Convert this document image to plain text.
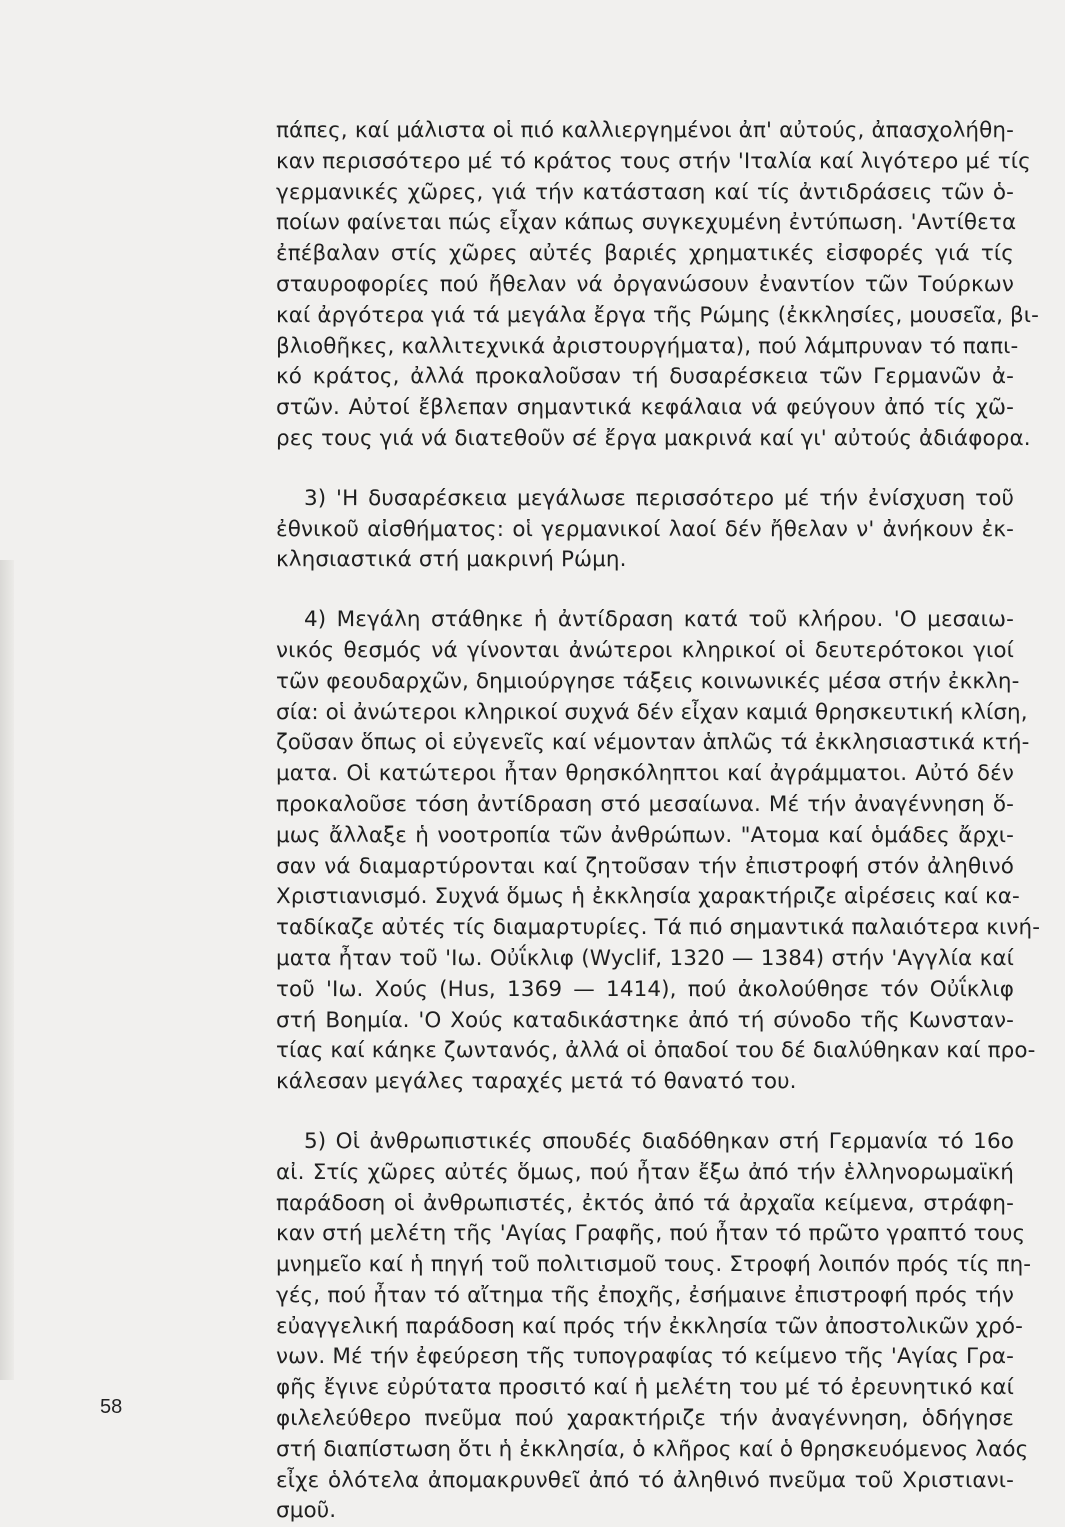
πάπες, καί μάλιστα οἱ πιό καλλιεργημένοι ἀπ' αὐτούς, ἀπασχολήθη-
καν περισσότερο μέ τό κράτος τους στήν 'Ιταλία καί λιγότερο μέ τίς
γερμανικές χῶρες, γιά τήν κατάσταση καί τίς ἀντιδράσεις τῶν ὁ-
ποίων φαίνεται πώς εἶχαν κάπως συγκεχυμένη ἐντύπωση. 'Αντίθετα
ἐπέβαλαν στίς χῶρες αὐτές βαριές χρηματικές εἰσφορές γιά τίς
σταυροφορίες πού ἤθελαν νά ὀργανώσουν ἐναντίον τῶν Τούρκων
καί ἀργότερα γιά τά μεγάλα ἔργα τῆς Ρώμης (ἐκκλησίες, μουσεῖα, βι-
βλιοθῆκες, καλλιτεχνικά ἀριστουργήματα), πού λάμπρυναν τό παπι-
κό κράτος, ἀλλά προκαλοῦσαν τή δυσαρέσκεια τῶν Γερμανῶν ἀ-
στῶν. Αὐτοί ἔβλεπαν σημαντικά κεφάλαια νά φεύγουν ἀπό τίς χῶ-
ρες τους γιά νά διατεθοῦν σέ ἔργα μακρινά καί γι' αὐτούς ἀδιάφορα.
3) 'Η δυσαρέσκεια μεγάλωσε περισσότερο μέ τήν ἐνίσχυση τοῦ
ἐθνικοῦ αἰσθήματος: οἱ γερμανικοί λαοί δέν ἤθελαν ν' ἀνήκουν ἐκ-
κλησιαστικά στή μακρινή Ρώμη.
4) Μεγάλη στάθηκε ἡ ἀντίδραση κατά τοῦ κλήρου. 'Ο μεσαιω-
νικός θεσμός νά γίνονται ἀνώτεροι κληρικοί οἱ δευτερότοκοι γιοί
τῶν φεουδαρχῶν, δημιούργησε τάξεις κοινωνικές μέσα στήν ἐκκλη-
σία: οἱ ἀνώτεροι κληρικοί συχνά δέν εἶχαν καμιά θρησκευτική κλίση,
ζοῦσαν ὅπως οἱ εὐγενεῖς καί νέμονταν ἁπλῶς τά ἐκκλησιαστικά κτή-
ματα. Οἱ κατώτεροι ἦταν θρησκόληπτοι καί ἀγράμματοι. Αὐτό δέν
προκαλοῦσε τόση ἀντίδραση στό μεσαίωνα. Μέ τήν ἀναγέννηση ὅ-
μως ἄλλαξε ἡ νοοτροπία τῶν ἀνθρώπων. "Ατομα καί ὁμάδες ἄρχι-
σαν νά διαμαρτύρονται καί ζητοῦσαν τήν ἐπιστροφή στόν ἀληθινό
Χριστιανισμό. Συχνά ὅμως ἡ ἐκκλησία χαρακτήριζε αἱρέσεις καί κα-
ταδίκαζε αὐτές τίς διαμαρτυρίες. Τά πιό σημαντικά παλαιότερα κινή-
ματα ἦταν τοῦ 'Ιω. Οὐΐκλιφ (Wyclif, 1320 — 1384) στήν 'Αγγλία καί
τοῦ 'Ιω. Χούς (Hus, 1369 — 1414), πού ἀκολούθησε τόν Οὐΐκλιφ
στή Βοημία. 'Ο Χούς καταδικάστηκε ἀπό τή σύνοδο τῆς Κωνσταν-
τίας καί κάηκε ζωντανός, ἀλλά οἱ ὀπαδοί του δέ διαλύθηκαν καί προ-
κάλεσαν μεγάλες ταραχές μετά τό θανατό του.
5) Οἱ ἀνθρωπιστικές σπουδές διαδόθηκαν στή Γερμανία τό 16ο
αἰ. Στίς χῶρες αὐτές ὅμως, πού ἦταν ἔξω ἀπό τήν ἑλληνορωμαϊκή
παράδοση οἱ ἀνθρωπιστές, ἐκτός ἀπό τά ἀρχαῖα κείμενα, στράφη-
καν στή μελέτη τῆς 'Αγίας Γραφῆς, πού ἦταν τό πρῶτο γραπτό τους
μνημεῖο καί ἡ πηγή τοῦ πολιτισμοῦ τους. Στροφή λοιπόν πρός τίς πη-
γές, πού ἦταν τό αἴτημα τῆς ἐποχῆς, ἐσήμαινε ἐπιστροφή πρός τήν
εὐαγγελική παράδοση καί πρός τήν ἐκκλησία τῶν ἀποστολικῶν χρό-
νων. Μέ τήν ἐφεύρεση τῆς τυπογραφίας τό κείμενο τῆς 'Αγίας Γρα-
φῆς ἔγινε εὐρύτατα προσιτό καί ἡ μελέτη του μέ τό ἐρευνητικό καί
φιλελεύθερο πνεῦμα πού χαρακτήριζε τήν ἀναγέννηση, ὁδήγησε
στή διαπίστωση ὅτι ἡ ἐκκλησία, ὁ κλῆρος καί ὁ θρησκευόμενος λαός
εἶχε ὁλότελα ἀπομακρυνθεῖ ἀπό τό ἀληθινό πνεῦμα τοῦ Χριστιανι-
σμοῦ.
58
